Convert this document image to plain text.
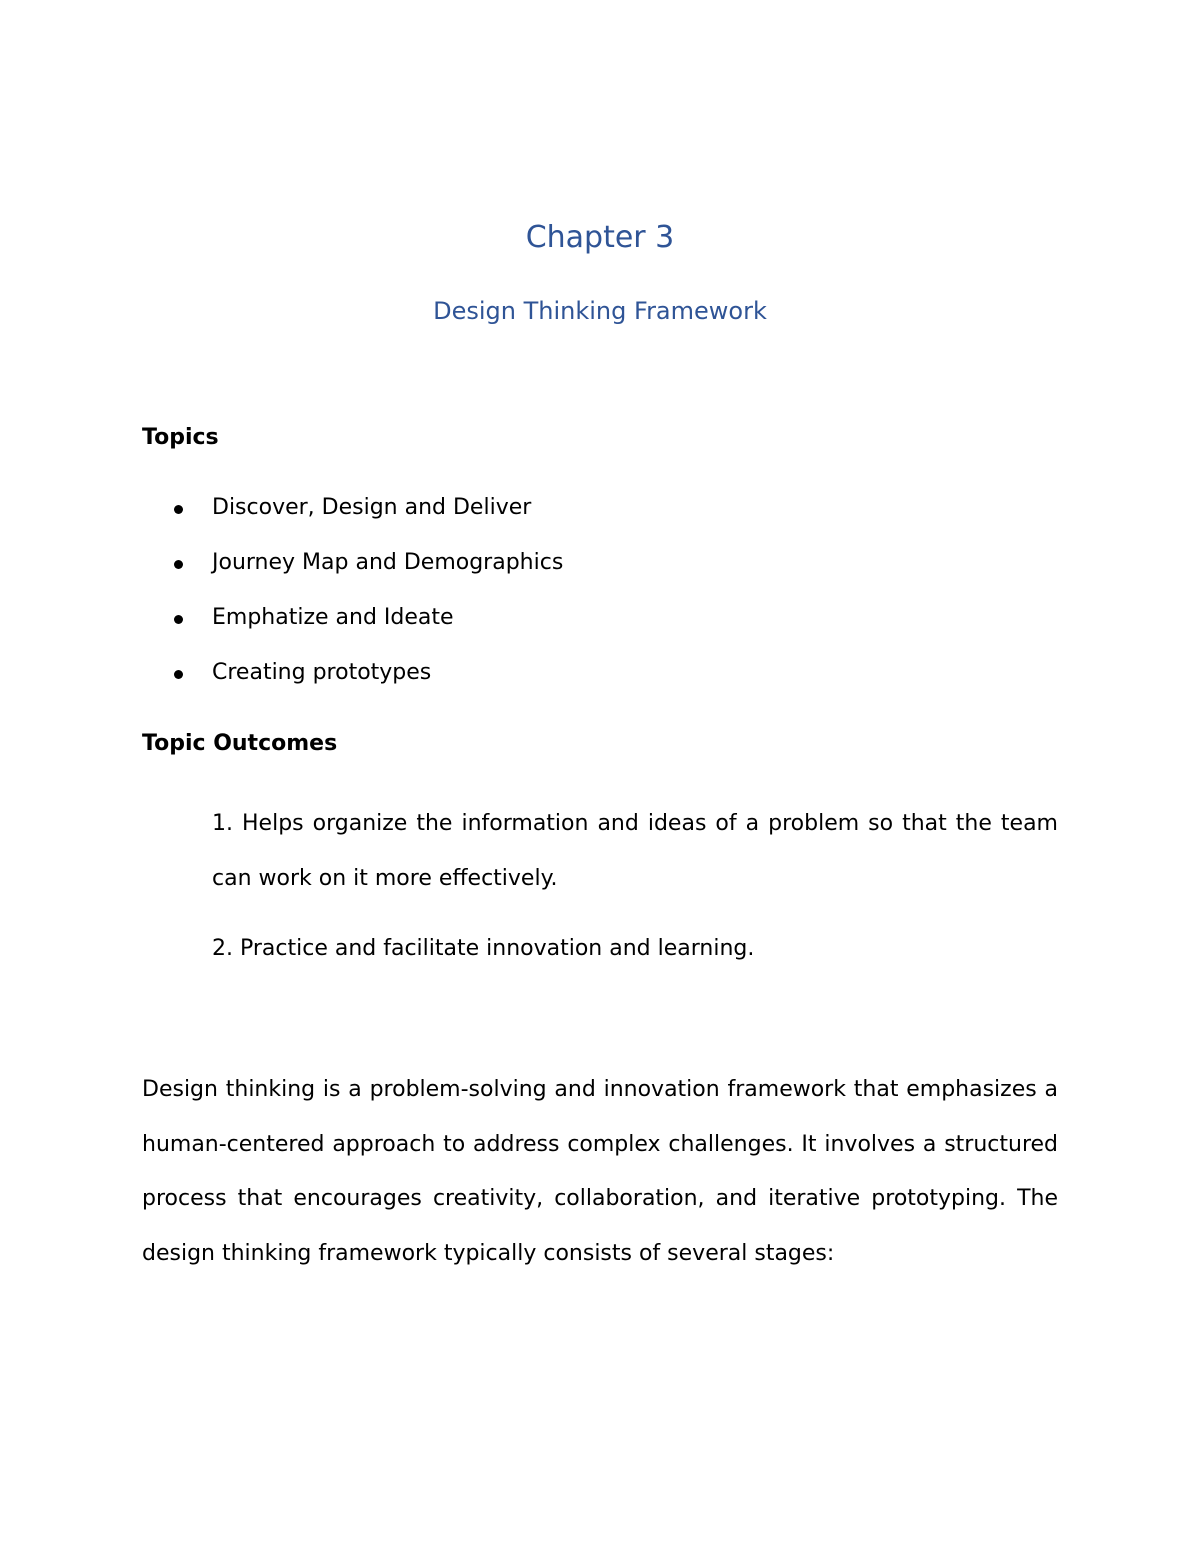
Chapter 3
Design Thinking Framework
Topics
Discover, Design and Deliver
Journey Map and Demographics
Emphatize and Ideate
Creating prototypes
Topic Outcomes

1. Helps organize the information and ideas of a problem so that the team can work on it more effectively.

2. Practice and facilitate innovation and learning.

Design thinking is a problem-solving and innovation framework that emphasizes a human-centered approach to address complex challenges. It involves a structured process that encourages creativity, collaboration, and iterative prototyping. The design thinking framework typically consists of several stages:
